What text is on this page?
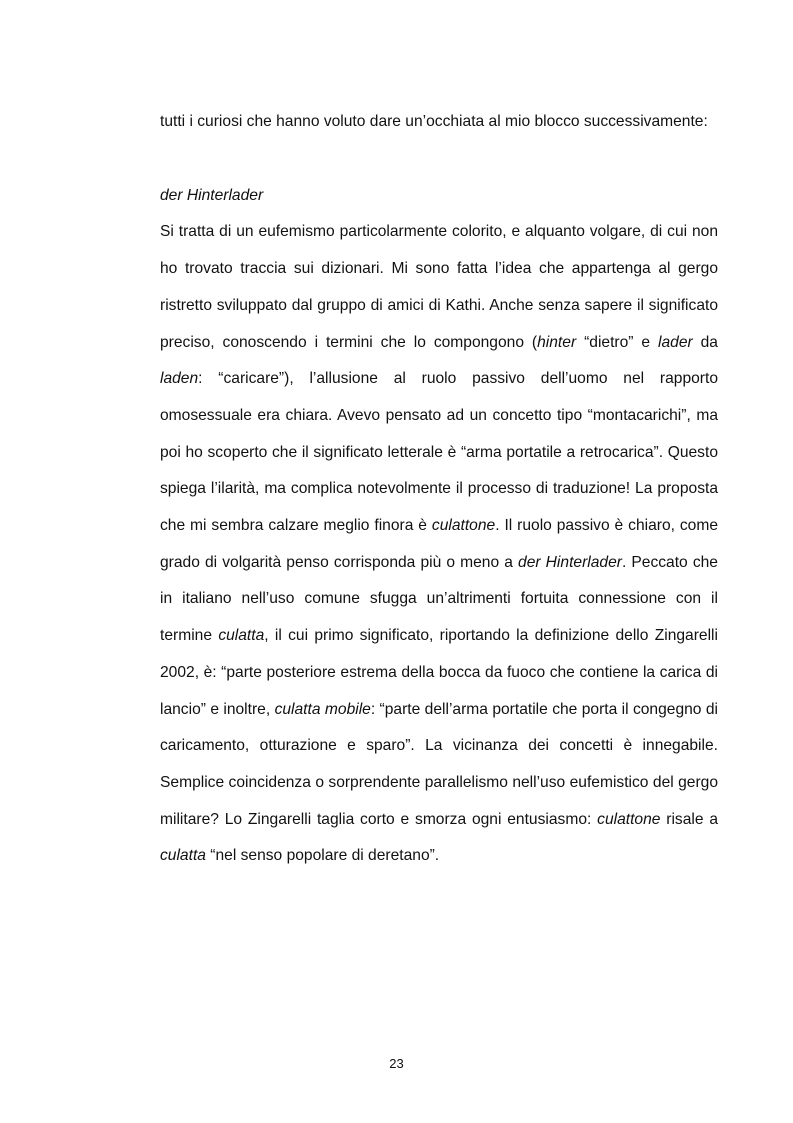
tutti i curiosi che hanno voluto dare un’occhiata al mio blocco successivamente:

der Hinterlader

Si tratta di un eufemismo particolarmente colorito, e alquanto volgare, di cui non ho trovato traccia sui dizionari. Mi sono fatta l’idea che appartenga al gergo ristretto sviluppato dal gruppo di amici di Kathi. Anche senza sapere il significato preciso, conoscendo i termini che lo compongono (hinter “dietro” e lader da laden: “caricare”), l’allusione al ruolo passivo dell’uomo nel rapporto omosessuale era chiara. Avevo pensato ad un concetto tipo “montacarichi”, ma poi ho scoperto che il significato letterale è “arma portatile a retrocarica”. Questo spiega l’ilarità, ma complica notevolmente il processo di traduzione! La proposta che mi sembra calzare meglio finora è culattone. Il ruolo passivo è chiaro, come grado di volgarità penso corrisponda più o meno a der Hinterlader. Peccato che in italiano nell’uso comune sfugga un’altrimenti fortuita connessione con il termine culatta, il cui primo significato, riportando la definizione dello Zingarelli 2002, è: “parte posteriore estrema della bocca da fuoco che contiene la carica di lancio” e inoltre, culatta mobile: “parte dell’arma portatile che porta il congegno di caricamento, otturazione e sparo”. La vicinanza dei concetti è innegabile. Semplice coincidenza o sorprendente parallelismo nell’uso eufemistico del gergo militare? Lo Zingarelli taglia corto e smorza ogni entusiasmo: culattone risale a culatta “nel senso popolare di deretano”.

23
